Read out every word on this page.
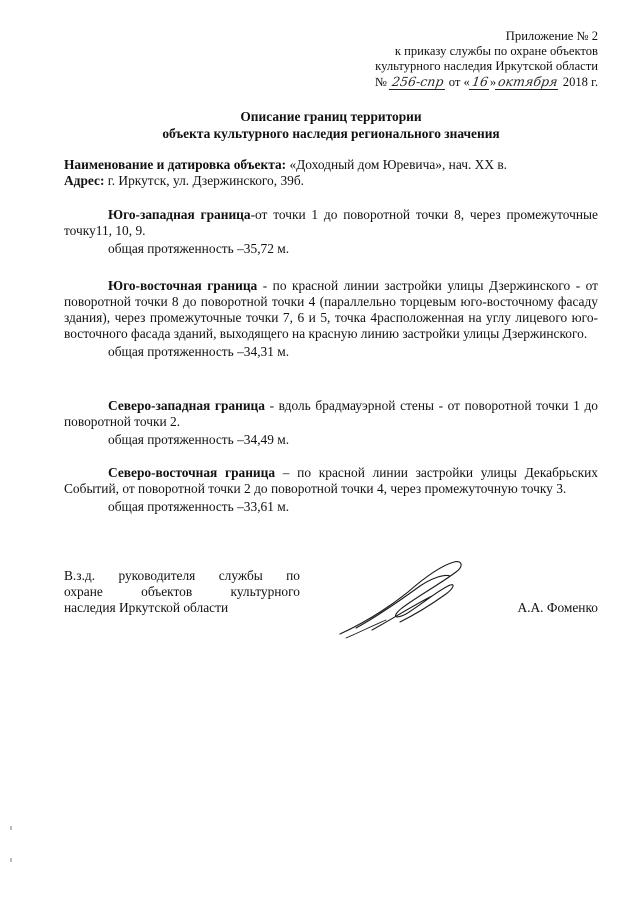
Приложение № 2
к приказу службы по охране объектов
культурного наследия Иркутской области
№ 256-спр от «16»октября 2018 г.
Описание границ территории
объекта культурного наследия регионального значения
Наименование и датировка объекта: «Доходный дом Юревича», нач. XX в.
Адрес: г. Иркутск, ул. Дзержинского, 39б.

Юго-западная граница-от точки 1 до поворотной точки 8, через промежуточные точку11, 10, 9.

общая протяженность –35,72 м.

Юго-восточная граница - по красной линии застройки улицы Дзержинского - от поворотной точки 8 до поворотной точки 4 (параллельно торцевым юго-восточному фасаду здания), через промежуточные точки 7, 6 и 5, точка 4расположенная на углу лицевого юго-восточного фасада зданий, выходящего на красную линию застройки улицы Дзержинского.

общая протяженность –34,31 м.

Северо-западная граница - вдоль брадмауэрной стены - от поворотной точки 1 до поворотной точки 2.

общая протяженность –34,49 м.

Северо-восточная граница – по красной линии застройки улицы Декабрьских Событий, от поворотной точки 2 до поворотной точки 4, через промежуточную точку 3.

общая протяженность –33,61 м.
В.з.д. руководителя службы по
охране объектов культурного
наследия Иркутской области	А.А. Фоменко
